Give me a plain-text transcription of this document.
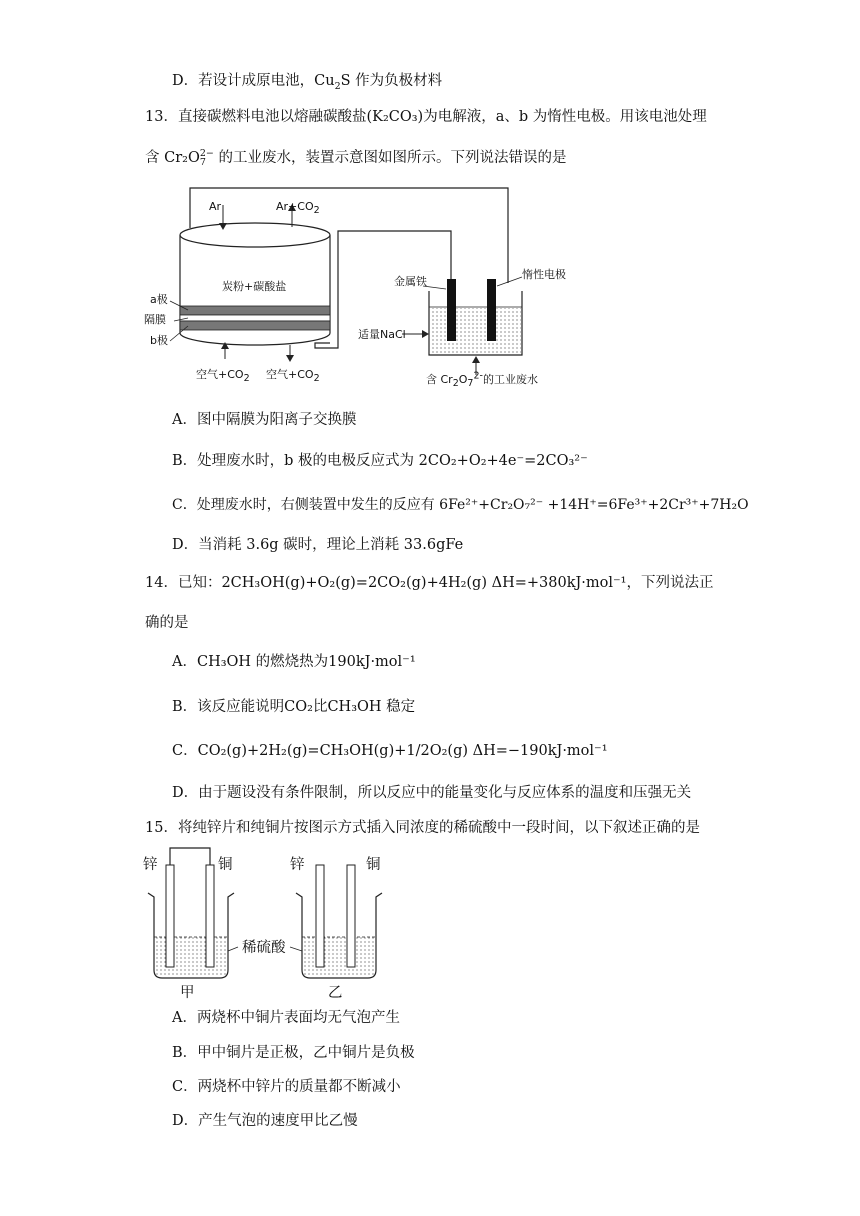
D．若设计成原电池，$Cu_2S$ 作为负极材料
13．直接碳燃料电池以熔融碳酸盐(K₂CO₃)为电解液，a、b 为惰性电极。用该电池处理
含 Cr₂O 2−
7 的工业废水，装置示意图如图所示。下列说法错误的是
Ar	$Ar+CO_2$
炭粉+碳酸盐
a极
隔膜
b极
空气$+CO_2$ 空气$+CO_2$
金属铁
惰性电极
适量NaCl
含 $Cr_2O_7^{2-}$的工业废水
A．图中隔膜为阳离子交换膜
B．处理废水时，b 极的电极反应式为 2CO₂+O₂+4e⁻=2CO₃²⁻
C．处理废水时，右侧装置中发生的反应有 6Fe²⁺+Cr₂O₇²⁻ +14H⁺=6Fe³⁺+2Cr³⁺+7H₂O
D．当消耗 3.6g 碳时，理论上消耗 33.6gFe
14．已知：2CH₃OH(g)+O₂(g)=2CO₂(g)+4H₂(g) ΔH=+380kJ·mol⁻¹，下列说法正
确的是
A．CH₃OH 的燃烧热为190kJ·mol⁻¹
B．该反应能说明CO₂比CH₃OH 稳定
C．CO₂(g)+2H₂(g)=CH₃OH(g)+1/2O₂(g) ΔH=−190kJ·mol⁻¹
D．由于题设没有条件限制，所以反应中的能量变化与反应体系的温度和压强无关
15．将纯锌片和纯铜片按图示方式插入同浓度的稀硫酸中一段时间，以下叙述正确的是
锌	铜	锌	铜
稀硫酸
甲	乙
A．两烧杯中铜片表面均无气泡产生
B．甲中铜片是正极，乙中铜片是负极
C．两烧杯中锌片的质量都不断减小
D．产生气泡的速度甲比乙慢
